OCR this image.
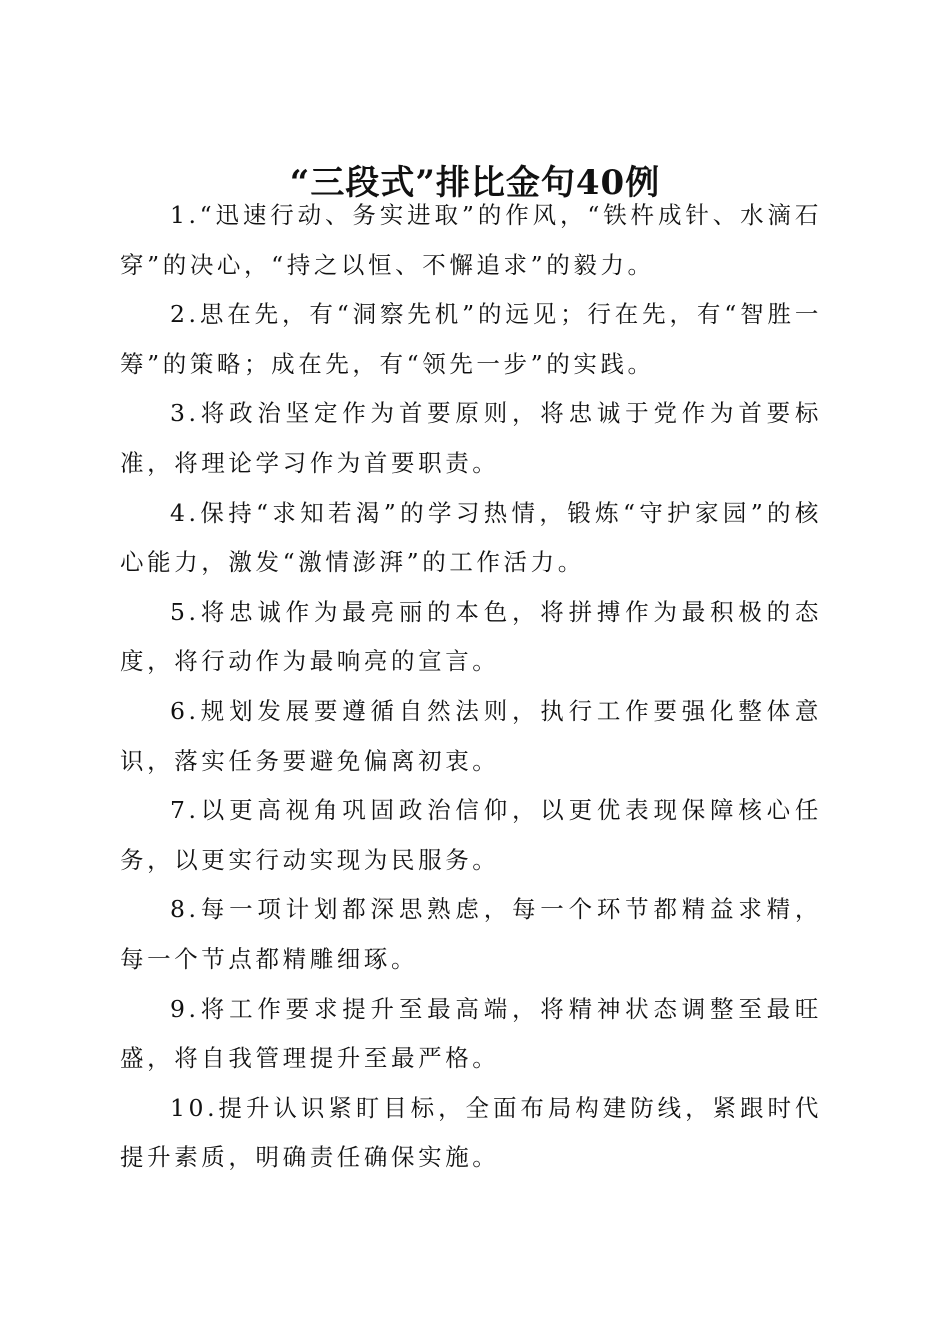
“三段式”排比金句40例

1.“迅速行动、务实进取”的作风，“铁杵成针、水滴石穿”的决心，“持之以恒、不懈追求”的毅力。

2.思在先，有“洞察先机”的远见；行在先，有“智胜一筹”的策略；成在先，有“领先一步”的实践。

3.将政治坚定作为首要原则，将忠诚于党作为首要标准，将理论学习作为首要职责。

4.保持“求知若渴”的学习热情，锻炼“守护家园”的核心能力，激发“激情澎湃”的工作活力。

5.将忠诚作为最亮丽的本色，将拼搏作为最积极的态度，将行动作为最响亮的宣言。

6.规划发展要遵循自然法则，执行工作要强化整体意识，落实任务要避免偏离初衷。

7.以更高视角巩固政治信仰，以更优表现保障核心任务，以更实行动实现为民服务。

8.每一项计划都深思熟虑，每一个环节都精益求精，每一个节点都精雕细琢。

9.将工作要求提升至最高端，将精神状态调整至最旺盛，将自我管理提升至最严格。

10.提升认识紧盯目标，全面布局构建防线，紧跟时代提升素质，明确责任确保实施。
